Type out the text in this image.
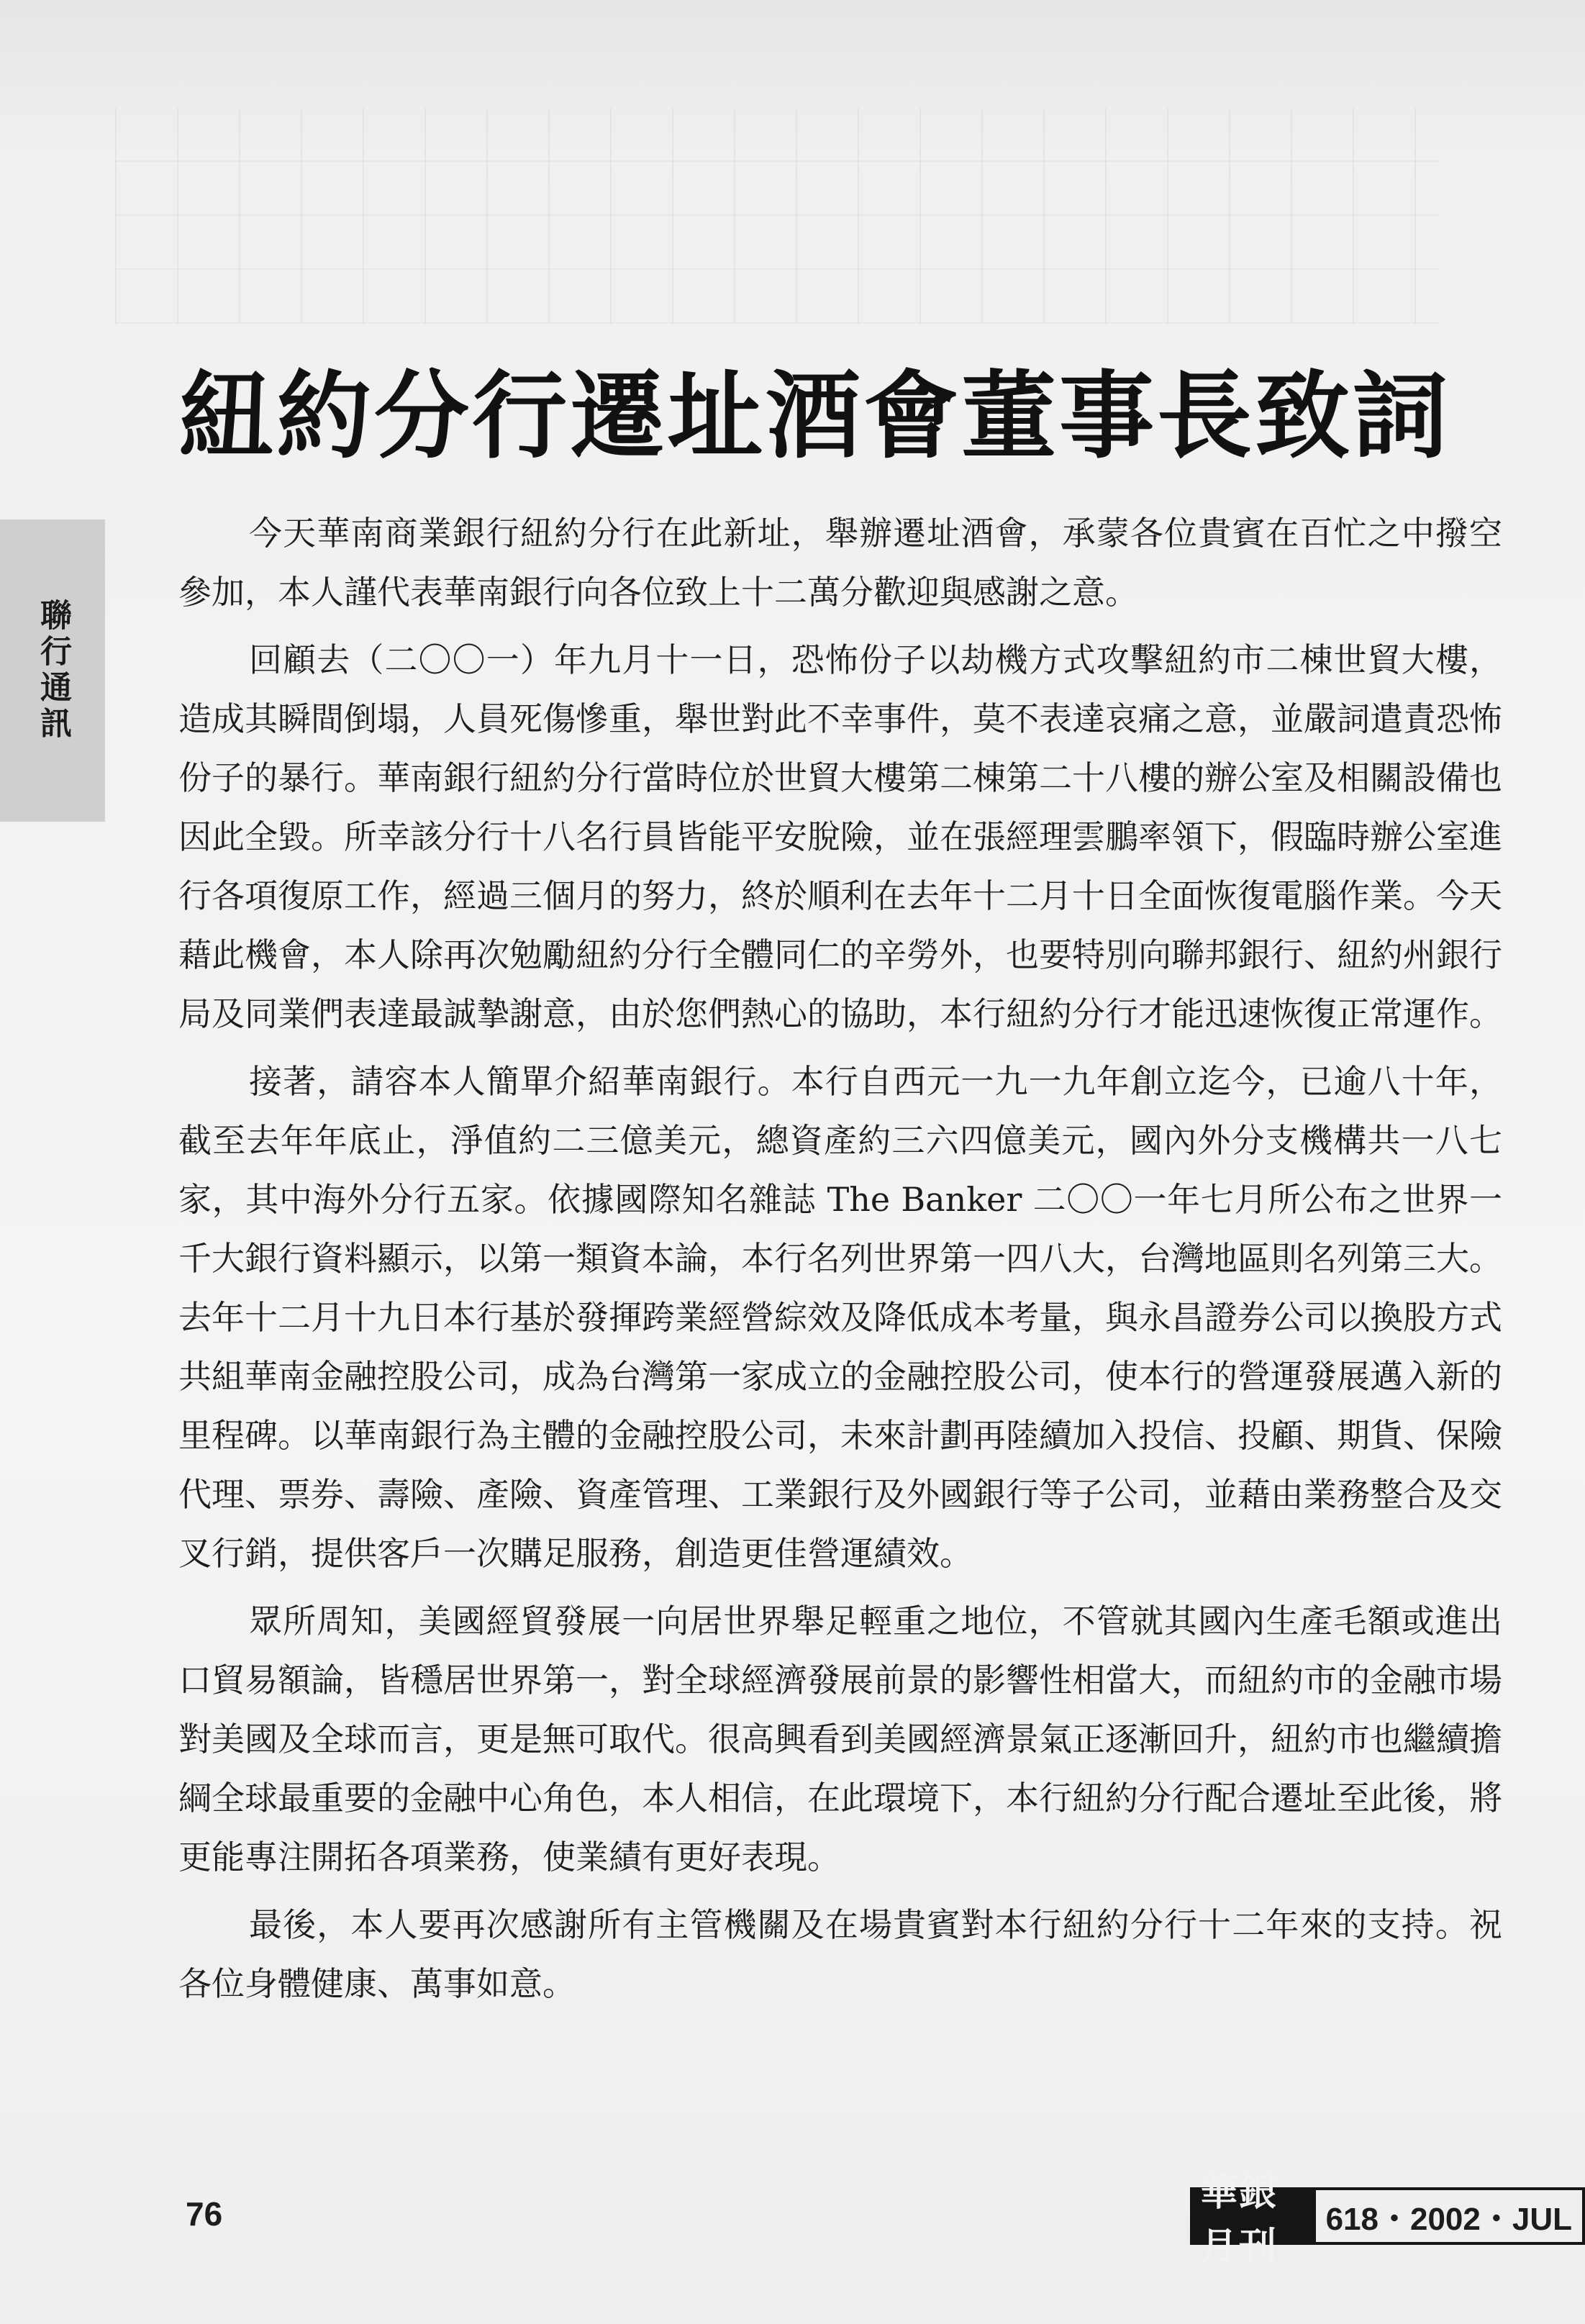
聯行通訊
紐約分行遷址酒會董事長致詞

今天華南商業銀行紐約分行在此新址，舉辦遷址酒會，承蒙各位貴賓在百忙之中撥空參加，本人謹代表華南銀行向各位致上十二萬分歡迎與感謝之意。

回顧去（二〇〇一）年九月十一日，恐怖份子以劫機方式攻擊紐約市二棟世貿大樓，造成其瞬間倒塌，人員死傷慘重，舉世對此不幸事件，莫不表達哀痛之意，並嚴詞遣責恐怖份子的暴行。華南銀行紐約分行當時位於世貿大樓第二棟第二十八樓的辦公室及相關設備也因此全毀。所幸該分行十八名行員皆能平安脫險，並在張經理雲鵬率領下，假臨時辦公室進行各項復原工作，經過三個月的努力，終於順利在去年十二月十日全面恢復電腦作業。今天藉此機會，本人除再次勉勵紐約分行全體同仁的辛勞外，也要特別向聯邦銀行、紐約州銀行局及同業們表達最誠摯謝意，由於您們熱心的協助，本行紐約分行才能迅速恢復正常運作。

接著，請容本人簡單介紹華南銀行。本行自西元一九一九年創立迄今，已逾八十年，截至去年年底止，淨值約二三億美元，總資產約三六四億美元，國內外分支機構共一八七家，其中海外分行五家。依據國際知名雜誌 The Banker 二〇〇一年七月所公布之世界一千大銀行資料顯示，以第一類資本論，本行名列世界第一四八大，台灣地區則名列第三大。去年十二月十九日本行基於發揮跨業經營綜效及降低成本考量，與永昌證券公司以換股方式共組華南金融控股公司，成為台灣第一家成立的金融控股公司，使本行的營運發展邁入新的里程碑。以華南銀行為主體的金融控股公司，未來計劃再陸續加入投信、投顧、期貨、保險代理、票券、壽險、產險、資產管理、工業銀行及外國銀行等子公司，並藉由業務整合及交叉行銷，提供客戶一次購足服務，創造更佳營運績效。

眾所周知，美國經貿發展一向居世界舉足輕重之地位，不管就其國內生產毛額或進出口貿易額論，皆穩居世界第一，對全球經濟發展前景的影響性相當大，而紐約市的金融市場對美國及全球而言，更是無可取代。很高興看到美國經濟景氣正逐漸回升，紐約市也繼續擔綱全球最重要的金融中心角色，本人相信，在此環境下，本行紐約分行配合遷址至此後，將更能專注開拓各項業務，使業績有更好表現。

最後，本人要再次感謝所有主管機關及在場貴賓對本行紐約分行十二年來的支持。祝各位身體健康、萬事如意。

76	華銀月刊
618・2002・JUL
